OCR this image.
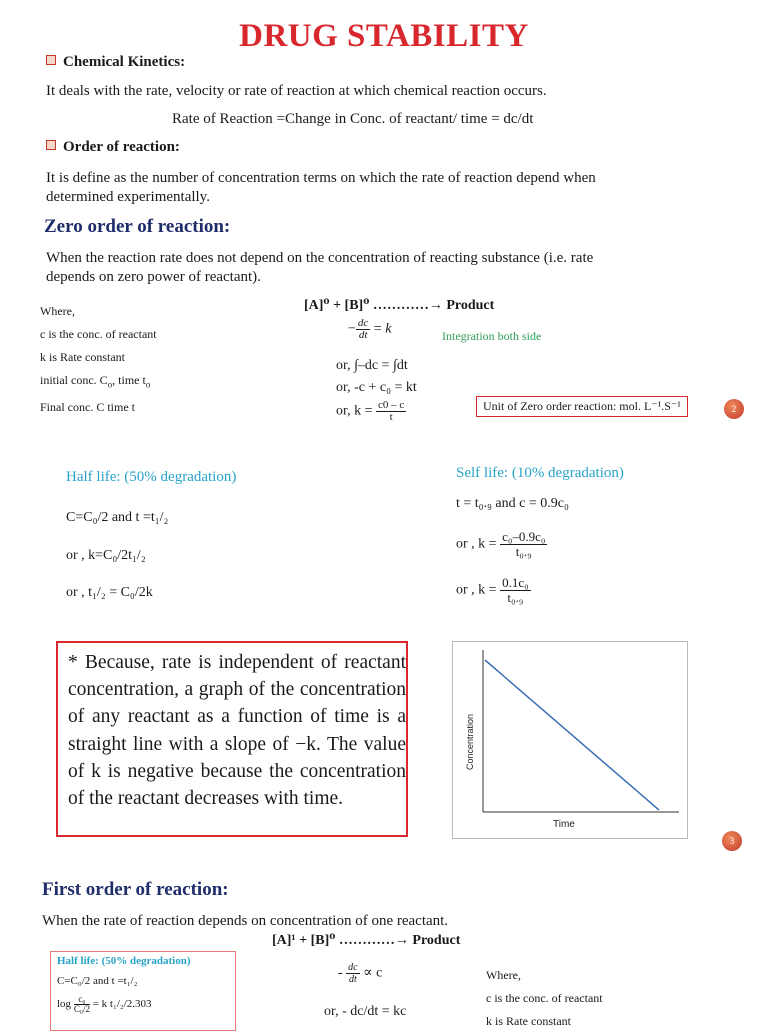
DRUG STABILITY
Chemical Kinetics:
It deals with the rate, velocity or rate of reaction at which chemical reaction occurs.
Rate of Reaction =Change in Conc. of reactant/ time = dc/dt
Order of reaction:
It is define as the number of concentration terms on which the rate of reaction depend when
determined experimentally.
Zero order of reaction:
When the reaction rate does not depend on the concentration of reacting substance (i.e. rate
depends on zero power of reactant).
Where,
c is the conc. of reactant
k is Rate constant
initial conc. $C_o$, time $t_o$
Final conc. C time t
[A]⁰ + [B]⁰ …………→ Product
− $\frac{dc}{dt} = k$	Integration both side
or, ∫–dc = ∫dt
or, -c + c₀ = kt
or, $k = \frac{c0 - c}{t}$	Unit of Zero order reaction: mol. L⁻¹.S⁻¹	2
Half life: (50% degradation)
C=C₀/2 and t =t₁/₂
or , k=C₀/2t₁/₂
or , t₁/₂ = C₀/2k
Self life: (10% degradation)
t = t₀.₉ and c = 0.9c₀
or , $k = \frac{\text{c₀–0.9c₀}}{\text{t₀.₉}}$
or , $k = \frac{\text{0.1c₀}}{\text{t₀.₉}}$
* Because, rate is independent of reactant concentration, a graph of the concentration of any reactant as a function of time is a straight line with a slope of −k. The value of k is negative because the concentration of the reactant decreases with time.
Time
Concentration
3
First order of reaction:
When the rate of reaction depends on concentration of one reactant.
[A]¹ + [B]⁰ …………→ Product
Half life: (50% degradation)
C=C₀/2 and t =t₁/₂
$\log \frac{\text{c₀}}{\text{C₀/2}} = k$ t₁/₂/2.303
- $\frac{dc}{dt} \propto c$
or, - dc/dt = kc
Where,
c is the conc. of reactant
k is Rate constant
